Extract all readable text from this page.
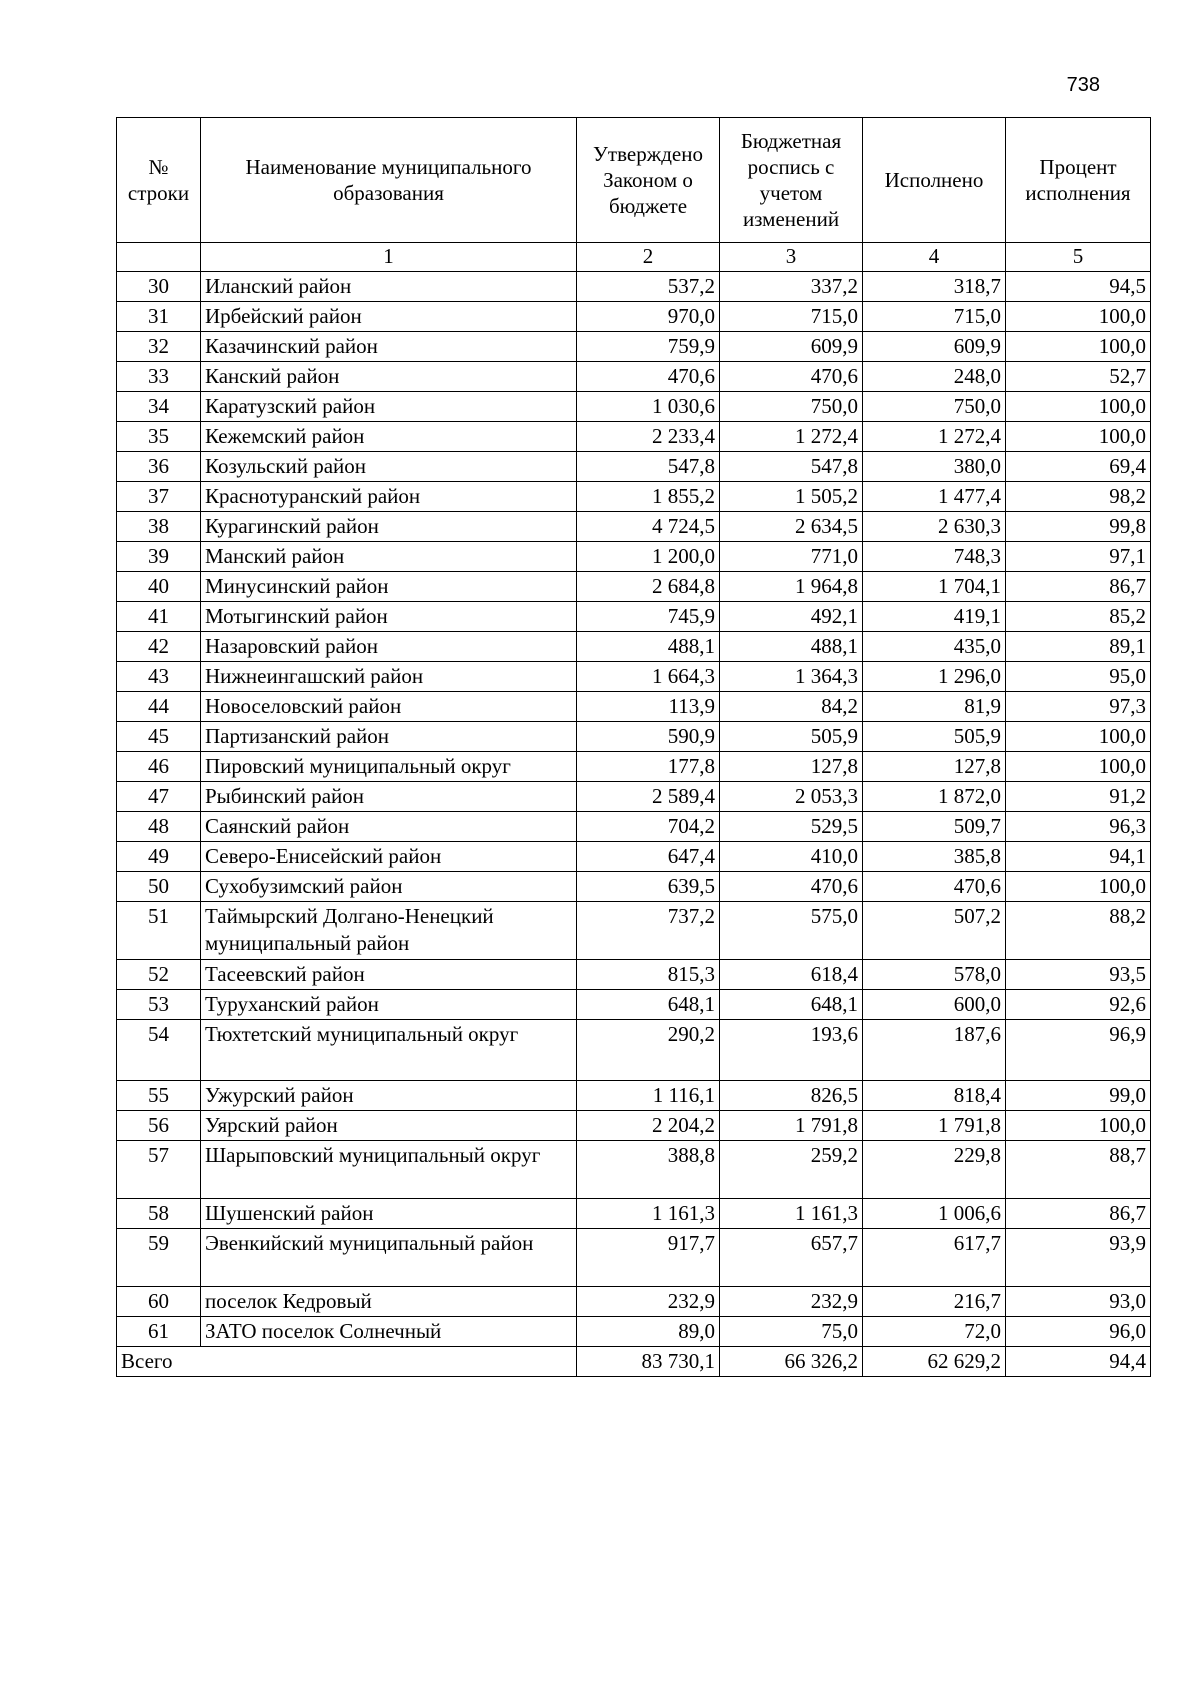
738
№ строки	Наименование муниципального образования	Утверждено Законом о бюджете	Бюджетная роспись с учетом изменений	Исполнено	Процент исполнения
	1	2	3	4	5
30	Иланский район	537,2	337,2	318,7	94,5
31	Ирбейский район	970,0	715,0	715,0	100,0
32	Казачинский район	759,9	609,9	609,9	100,0
33	Канский район	470,6	470,6	248,0	52,7
34	Каратузский район	1 030,6	750,0	750,0	100,0
35	Кежемский район	2 233,4	1 272,4	1 272,4	100,0
36	Козульский район	547,8	547,8	380,0	69,4
37	Краснотуранский район	1 855,2	1 505,2	1 477,4	98,2
38	Курагинский район	4 724,5	2 634,5	2 630,3	99,8
39	Манский район	1 200,0	771,0	748,3	97,1
40	Минусинский район	2 684,8	1 964,8	1 704,1	86,7
41	Мотыгинский район	745,9	492,1	419,1	85,2
42	Назаровский район	488,1	488,1	435,0	89,1
43	Нижнеингашский район	1 664,3	1 364,3	1 296,0	95,0
44	Новоселовский район	113,9	84,2	81,9	97,3
45	Партизанский район	590,9	505,9	505,9	100,0
46	Пировский муниципальный округ	177,8	127,8	127,8	100,0
47	Рыбинский район	2 589,4	2 053,3	1 872,0	91,2
48	Саянский район	704,2	529,5	509,7	96,3
49	Северо-Енисейский район	647,4	410,0	385,8	94,1
50	Сухобузимский район	639,5	470,6	470,6	100,0
51	Таймырский Долгано-Ненецкий муниципальный район	737,2	575,0	507,2	88,2
52	Тасеевский район	815,3	618,4	578,0	93,5
53	Туруханский район	648,1	648,1	600,0	92,6
54	Тюхтетский муниципальный округ	290,2	193,6	187,6	96,9
55	Ужурский район	1 116,1	826,5	818,4	99,0
56	Уярский район	2 204,2	1 791,8	1 791,8	100,0
57	Шарыповский муниципальный округ	388,8	259,2	229,8	88,7
58	Шушенский район	1 161,3	1 161,3	1 006,6	86,7
59	Эвенкийский муниципальный район	917,7	657,7	617,7	93,9
60	поселок Кедровый	232,9	232,9	216,7	93,0
61	ЗАТО поселок Солнечный	89,0	75,0	72,0	96,0
Всего		83 730,1	66 326,2	62 629,2	94,4
